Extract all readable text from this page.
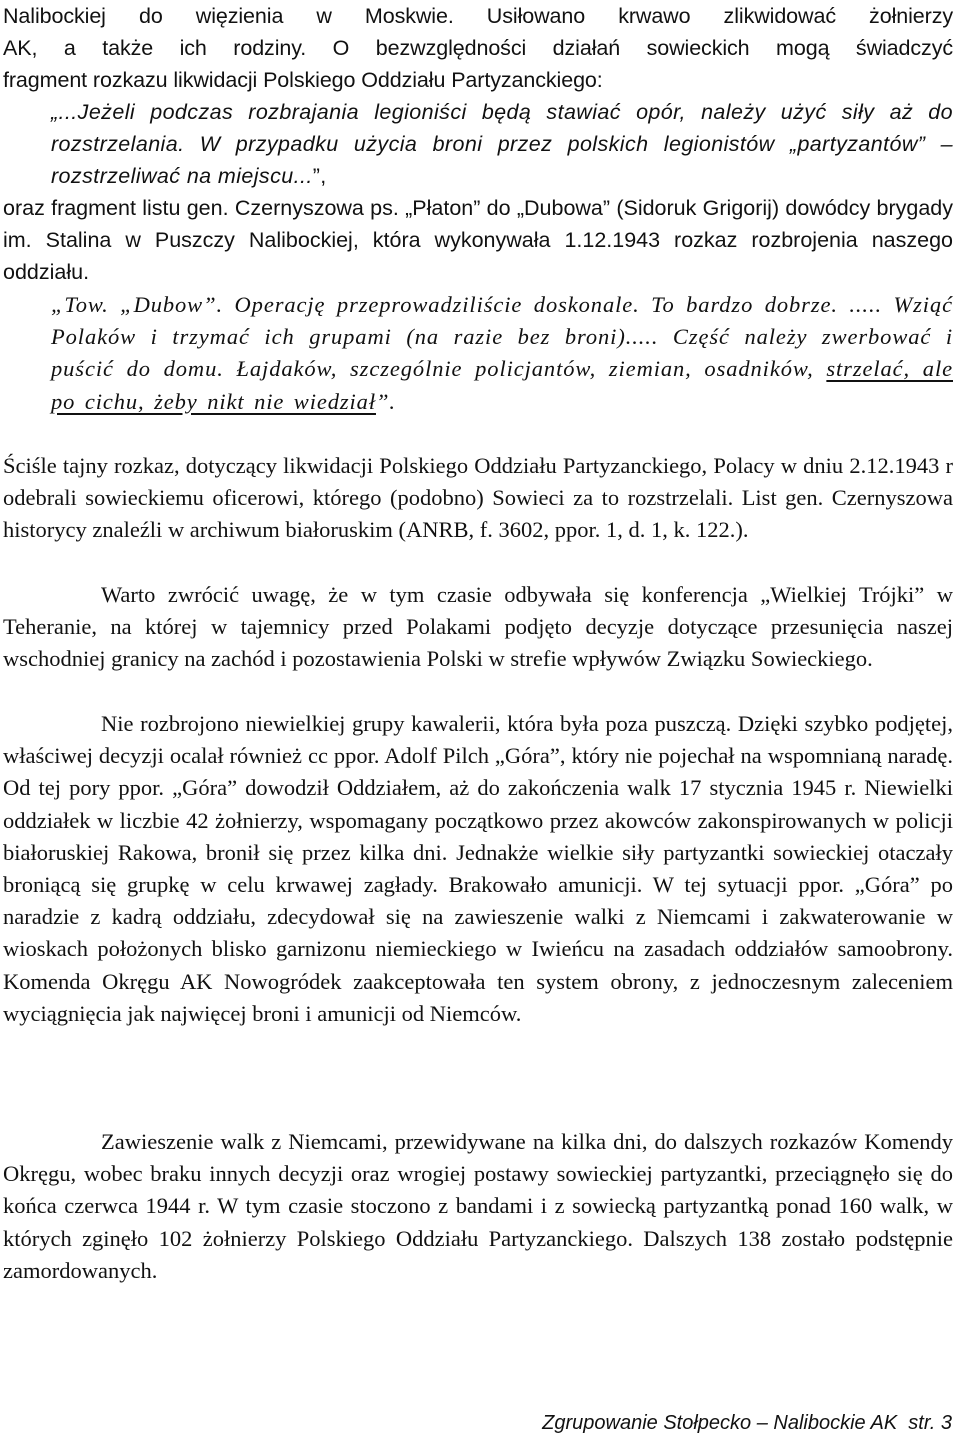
Nalibockiej do więzienia w Moskwie. Usiłowano krwawo zlikwidować żołnierzy

AK, a także ich rodziny. O bezwzględności działań sowieckich mogą świadczyć

fragment rozkazu likwidacji Polskiego Oddziału Partyzanckiego:

„...Jeżeli podczas rozbrajania legioniści będą stawiać opór, należy użyć siły aż do rozstrzelania. W przypadku użycia broni przez polskich legionistów „partyzantów” – rozstrzeliwać na miejscu...”,

oraz fragment listu gen. Czernyszowa ps. „Płaton” do „Dubowa” (Sidoruk Grigorij) dowódcy brygady im. Stalina w Puszczy Nalibockiej, która wykonywała 1.12.1943 rozkaz rozbrojenia naszego oddziału.

„Tow. „Dubow”. Operację przeprowadziliście doskonale. To bardzo dobrze. ..... Wziąć Polaków i trzymać ich grupami (na razie bez broni)..... Część należy zwerbować i puścić do domu. Łajdaków, szczególnie policjantów, ziemian, osadników, strzelać, ale po cichu, żeby nikt nie wiedział”.

Ściśle tajny rozkaz, dotyczący likwidacji Polskiego Oddziału Partyzanckiego, Polacy w dniu 2.12.1943 r odebrali sowieckiemu oficerowi, którego (podobno) Sowieci za to rozstrzelali. List gen. Czernyszowa historycy znaleźli w archiwum białoruskim (ANRB, f. 3602, ppor. 1, d. 1, k. 122.).

Warto zwrócić uwagę, że w tym czasie odbywała się konferencja „Wielkiej Trójki” w Teheranie, na której w tajemnicy przed Polakami podjęto decyzje dotyczące przesunięcia naszej wschodniej granicy na zachód i pozostawienia Polski w strefie wpływów Związku Sowieckiego.

Nie rozbrojono niewielkiej grupy kawalerii, która była poza puszczą. Dzięki szybko podjętej, właściwej decyzji ocalał również cc ppor. Adolf Pilch „Góra”, który nie pojechał na wspomnianą naradę. Od tej pory ppor. „Góra” dowodził Oddziałem, aż do zakończenia walk 17 stycznia 1945 r. Niewielki oddziałek w liczbie 42 żołnierzy, wspomagany początkowo przez akowców zakonspirowanych w policji białoruskiej Rakowa, bronił się przez kilka dni. Jednakże wielkie siły partyzantki sowieckiej otaczały broniącą się grupkę w celu krwawej zagłady. Brakowało amunicji. W tej sytuacji ppor. „Góra” po naradzie z kadrą oddziału, zdecydował się na zawieszenie walki z Niemcami i zakwaterowanie w wioskach położonych blisko garnizonu niemieckiego w Iwieńcu na zasadach oddziałów samoobrony. Komenda Okręgu AK Nowogródek zaakceptowała ten system obrony, z jednoczesnym zaleceniem wyciągnięcia jak najwięcej broni i amunicji od Niemców.

Zawieszenie walk z Niemcami, przewidywane na kilka dni, do dalszych rozkazów Komendy Okręgu, wobec braku innych decyzji oraz wrogiej postawy sowieckiej partyzantki, przeciągnęło się do końca czerwca 1944 r. W tym czasie stoczono z bandami i z sowiecką partyzantką ponad 160 walk, w których zginęło 102 żołnierzy Polskiego Oddziału Partyzanckiego. Dalszych 138 zostało podstępnie zamordowanych.

Zgrupowanie Stołpecko – Nalibockie AK  str. 3
